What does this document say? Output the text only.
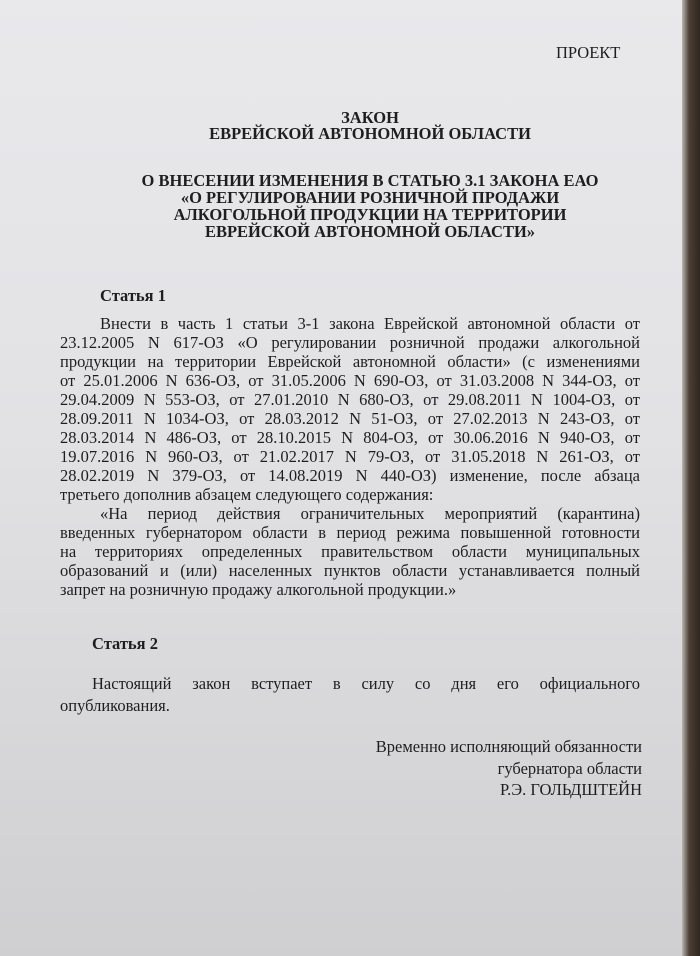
ПРОЕКТ
ЗАКОН
ЕВРЕЙСКОЙ АВТОНОМНОЙ ОБЛАСТИ
О ВНЕСЕНИИ ИЗМЕНЕНИЯ В СТАТЬЮ 3.1 ЗАКОНА ЕАО
«О РЕГУЛИРОВАНИИ РОЗНИЧНОЙ ПРОДАЖИ
АЛКОГОЛЬНОЙ ПРОДУКЦИИ НА ТЕРРИТОРИИ
ЕВРЕЙСКОЙ АВТОНОМНОЙ ОБЛАСТИ»
Статья 1
Внести в часть 1 статьи 3-1 закона Еврейской автономной области от
23.12.2005 N 617-ОЗ «О регулировании розничной продажи алкогольной
продукции на территории Еврейской автономной области» (с изменениями
от 25.01.2006 N 636-ОЗ, от 31.05.2006 N 690-ОЗ, от 31.03.2008 N 344-ОЗ, от
29.04.2009 N 553-ОЗ, от 27.01.2010 N 680-ОЗ, от 29.08.2011 N 1004-ОЗ, от
28.09.2011 N 1034-ОЗ, от 28.03.2012 N 51-ОЗ, от 27.02.2013 N 243-ОЗ, от
28.03.2014 N 486-ОЗ, от 28.10.2015 N 804-ОЗ, от 30.06.2016 N 940-ОЗ, от
19.07.2016 N 960-ОЗ, от 21.02.2017 N 79-ОЗ, от 31.05.2018 N 261-ОЗ, от
28.02.2019 N 379-ОЗ, от 14.08.2019 N 440-ОЗ) изменение, после абзаца
третьего дополнив абзацем следующего содержания:
«На период действия ограничительных мероприятий (карантина)
введенных губернатором области в период режима повышенной готовности
на территориях определенных правительством области муниципальных
образований и (или) населенных пунктов области устанавливается полный
запрет на розничную продажу алкогольной продукции.»
Статья 2
Настоящий закон вступает в силу со дня его официального
опубликования.
Временно исполняющий обязанности
губернатора области
Р.Э. ГОЛЬДШТЕЙН
